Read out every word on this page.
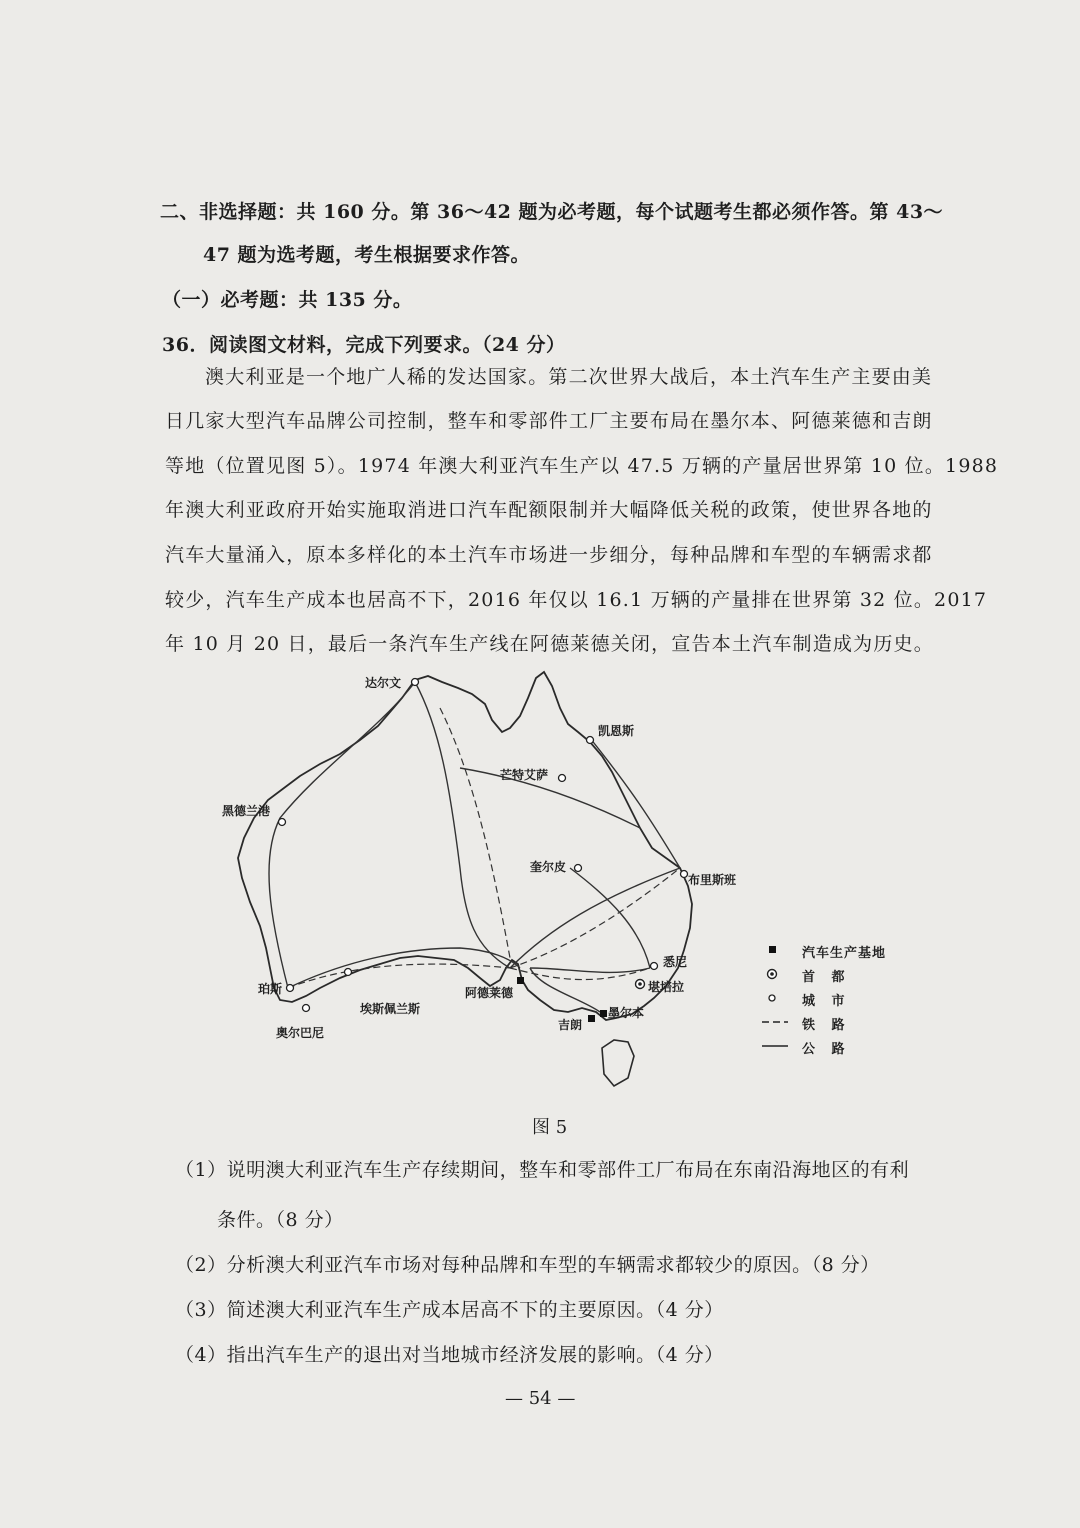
二、非选择题：共 160 分。第 36～42 题为必考题，每个试题考生都必须作答。第 43～
47 题为选考题，考生根据要求作答。
（一）必考题：共 135 分。
36．阅读图文材料，完成下列要求。（24 分）
澳大利亚是一个地广人稀的发达国家。第二次世界大战后，本土汽车生产主要由美
日几家大型汽车品牌公司控制，整车和零部件工厂主要布局在墨尔本、阿德莱德和吉朗
等地（位置见图 5）。1974 年澳大利亚汽车生产以 47.5 万辆的产量居世界第 10 位。1988
年澳大利亚政府开始实施取消进口汽车配额限制并大幅降低关税的政策，使世界各地的
汽车大量涌入，原本多样化的本土汽车市场进一步细分，每种品牌和车型的车辆需求都
较少，汽车生产成本也居高不下，2016 年仅以 16.1 万辆的产量排在世界第 32 位。2017
年 10 月 20 日，最后一条汽车生产线在阿德莱德关闭，宣告本土汽车制造成为历史。
达尔文
凯恩斯
芒特艾萨
黑德兰港
奎尔皮
布里斯班
悉尼
堪培拉
珀斯
埃斯佩兰斯
阿德莱德
奥尔巴尼
吉朗
墨尔本
汽车生产基地
首 都
城 市
铁 路
公 路
图 5
（1）说明澳大利亚汽车生产存续期间，整车和零部件工厂布局在东南沿海地区的有利
条件。（8 分）
（2）分析澳大利亚汽车市场对每种品牌和车型的车辆需求都较少的原因。（8 分）
（3）简述澳大利亚汽车生产成本居高不下的主要原因。（4 分）
（4）指出汽车生产的退出对当地城市经济发展的影响。（4 分）
— 54 —
